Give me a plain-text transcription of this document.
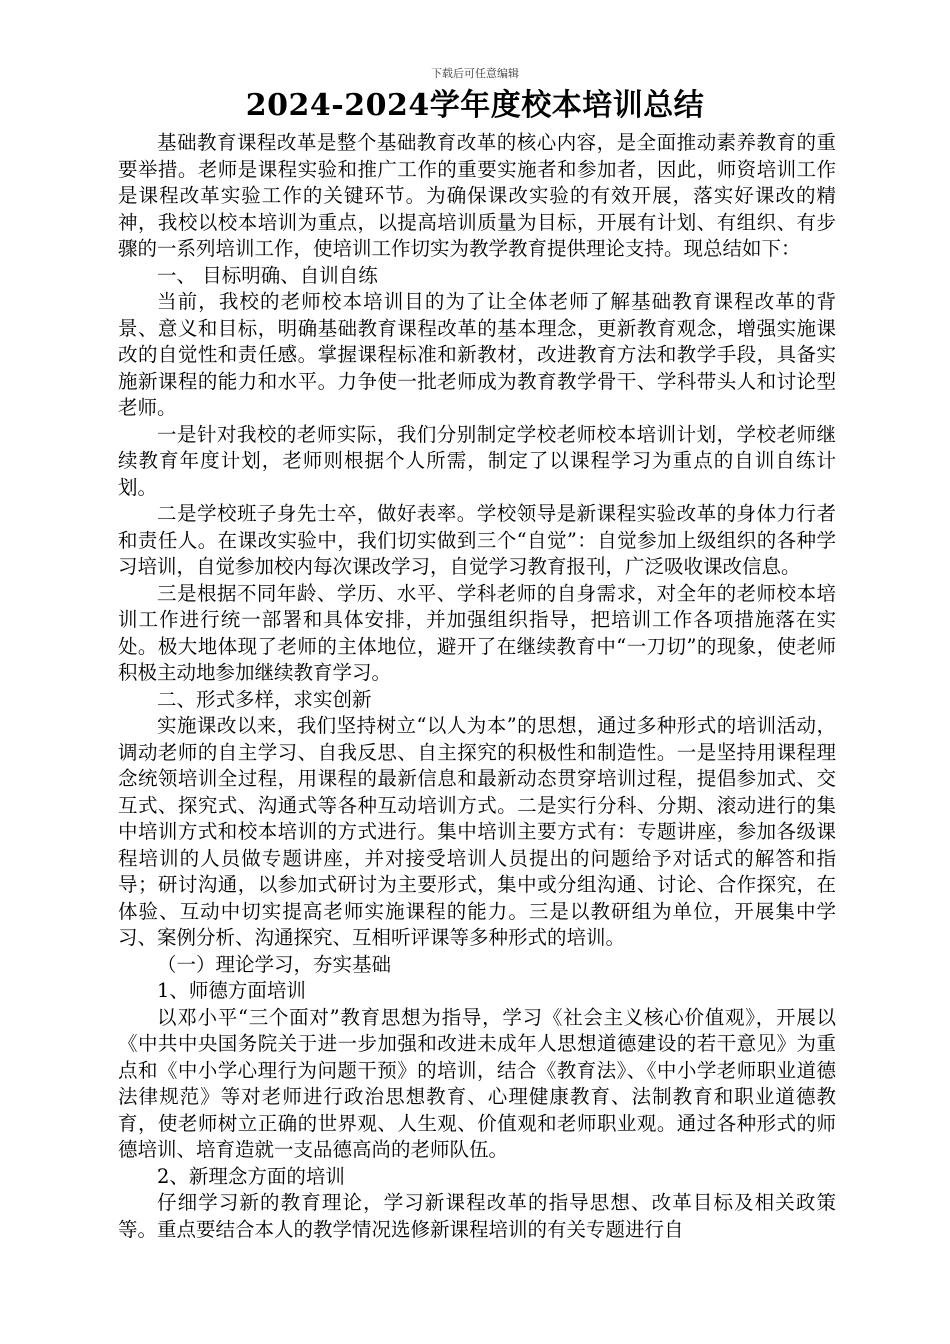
下载后可任意编辑
2024-2024学年度校本培训总结

基础教育课程改革是整个基础教育改革的核心内容，是全面推动素养教育的重要举措。老师是课程实验和推广工作的重要实施者和参加者，因此，师资培训工作是课程改革实验工作的关键环节。为确保课改实验的有效开展，落实好课改的精神，我校以校本培训为重点，以提高培训质量为目标，开展有计划、有组织、有步骤的一系列培训工作，使培训工作切实为教学教育提供理论支持。现总结如下：

一、 目标明确、自训自练

当前，我校的老师校本培训目的为了让全体老师了解基础教育课程改革的背景、意义和目标，明确基础教育课程改革的基本理念，更新教育观念，增强实施课改的自觉性和责任感。掌握课程标准和新教材，改进教育方法和教学手段，具备实施新课程的能力和水平。力争使一批老师成为教育教学骨干、学科带头人和讨论型老师。

一是针对我校的老师实际，我们分别制定学校老师校本培训计划，学校老师继续教育年度计划，老师则根据个人所需，制定了以课程学习为重点的自训自练计划。

二是学校班子身先士卒，做好表率。学校领导是新课程实验改革的身体力行者和责任人。在课改实验中，我们切实做到三个“自觉”：自觉参加上级组织的各种学习培训，自觉参加校内每次课改学习，自觉学习教育报刊，广泛吸收课改信息。

三是根据不同年龄、学历、水平、学科老师的自身需求，对全年的老师校本培训工作进行统一部署和具体安排，并加强组织指导，把培训工作各项措施落在实处。极大地体现了老师的主体地位，避开了在继续教育中“一刀切”的现象，使老师积极主动地参加继续教育学习。

二、形式多样，求实创新

实施课改以来，我们坚持树立“以人为本”的思想，通过多种形式的培训活动，调动老师的自主学习、自我反思、自主探究的积极性和制造性。一是坚持用课程理念统领培训全过程，用课程的最新信息和最新动态贯穿培训过程，提倡参加式、交互式、探究式、沟通式等各种互动培训方式。二是实行分科、分期、滚动进行的集中培训方式和校本培训的方式进行。集中培训主要方式有：专题讲座，参加各级课程培训的人员做专题讲座，并对接受培训人员提出的问题给予对话式的解答和指导；研讨沟通，以参加式研讨为主要形式，集中或分组沟通、讨论、合作探究，在体验、互动中切实提高老师实施课程的能力。三是以教研组为单位，开展集中学习、案例分析、沟通探究、互相听评课等多种形式的培训。

（一）理论学习，夯实基础

1、师德方面培训

以邓小平“三个面对”教育思想为指导，学习《社会主义核心价值观》，开展以《中共中央国务院关于进一步加强和改进未成年人思想道德建设的若干意见》为重点和《中小学心理行为问题干预》的培训，结合《教育法》、《中小学老师职业道德法律规范》等对老师进行政治思想教育、心理健康教育、法制教育和职业道德教育，使老师树立正确的世界观、人生观、价值观和老师职业观。通过各种形式的师德培训、培育造就一支品德高尚的老师队伍。

2、新理念方面的培训

仔细学习新的教育理论，学习新课程改革的指导思想、改革目标及相关政策等。重点要结合本人的教学情况选修新课程培训的有关专题进行自
